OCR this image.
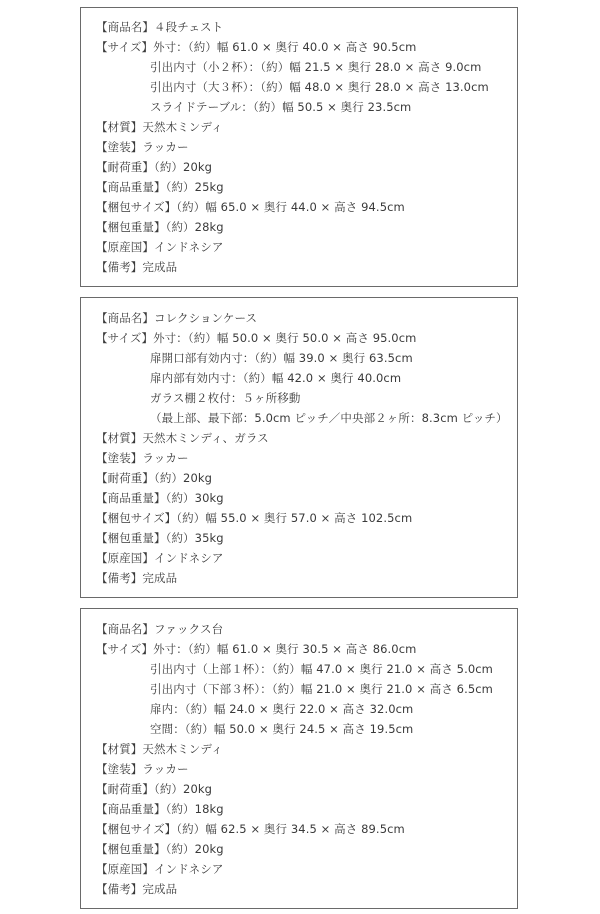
【商品名】４段チェスト
【サイズ】外寸：（約）幅 61.0 × 奥行 40.0 × 高さ 90.5cm
引出内寸（小２杯）：（約）幅 21.5 × 奥行 28.0 × 高さ 9.0cm
引出内寸（大３杯）：（約）幅 48.0 × 奥行 28.0 × 高さ 13.0cm
スライドテーブル：（約）幅 50.5 × 奥行 23.5cm
【材質】天然木ミンディ
【塗装】ラッカー
【耐荷重】（約）20kg
【商品重量】（約）25kg
【梱包サイズ】（約）幅 65.0 × 奥行 44.0 × 高さ 94.5cm
【梱包重量】（約）28kg
【原産国】インドネシア
【備考】完成品
【商品名】コレクションケース
【サイズ】外寸：（約）幅 50.0 × 奥行 50.0 × 高さ 95.0cm
扉開口部有効内寸：（約）幅 39.0 × 奥行 63.5cm
扉内部有効内寸：（約）幅 42.0 × 奥行 40.0cm
ガラス棚２枚付：５ヶ所移動
（最上部、最下部：5.0cm ピッチ／中央部２ヶ所：8.3cm ピッチ）
【材質】天然木ミンディ、ガラス
【塗装】ラッカー
【耐荷重】（約）20kg
【商品重量】（約）30kg
【梱包サイズ】（約）幅 55.0 × 奥行 57.0 × 高さ 102.5cm
【梱包重量】（約）35kg
【原産国】インドネシア
【備考】完成品
【商品名】ファックス台
【サイズ】外寸：（約）幅 61.0 × 奥行 30.5 × 高さ 86.0cm
引出内寸（上部１杯）：（約）幅 47.0 × 奥行 21.0 × 高さ 5.0cm
引出内寸（下部３杯）：（約）幅 21.0 × 奥行 21.0 × 高さ 6.5cm
扉内：（約）幅 24.0 × 奥行 22.0 × 高さ 32.0cm
空間：（約）幅 50.0 × 奥行 24.5 × 高さ 19.5cm
【材質】天然木ミンディ
【塗装】ラッカー
【耐荷重】（約）20kg
【商品重量】（約）18kg
【梱包サイズ】（約）幅 62.5 × 奥行 34.5 × 高さ 89.5cm
【梱包重量】（約）20kg
【原産国】インドネシア
【備考】完成品
